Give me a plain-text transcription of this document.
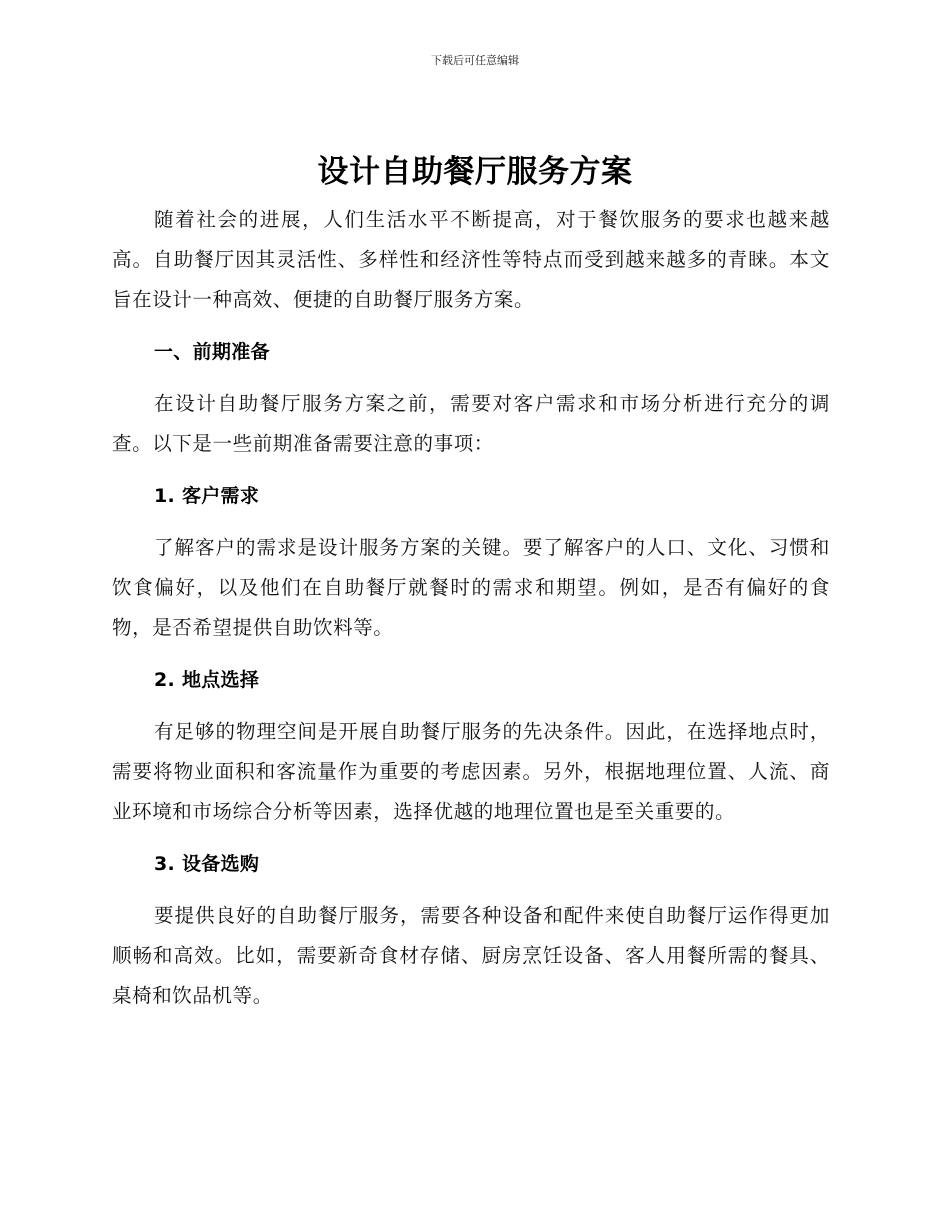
下载后可任意编辑
设计自助餐厅服务方案

随着社会的进展，人们生活水平不断提高，对于餐饮服务的要求也越来越高。自助餐厅因其灵活性、多样性和经济性等特点而受到越来越多的青睐。本文旨在设计一种高效、便捷的自助餐厅服务方案。

一、前期准备

在设计自助餐厅服务方案之前，需要对客户需求和市场分析进行充分的调查。以下是一些前期准备需要注意的事项：

1. 客户需求

了解客户的需求是设计服务方案的关键。要了解客户的人口、文化、习惯和饮食偏好，以及他们在自助餐厅就餐时的需求和期望。例如，是否有偏好的食物，是否希望提供自助饮料等。

2. 地点选择

有足够的物理空间是开展自助餐厅服务的先决条件。因此，在选择地点时，需要将物业面积和客流量作为重要的考虑因素。另外，根据地理位置、人流、商业环境和市场综合分析等因素，选择优越的地理位置也是至关重要的。

3. 设备选购

要提供良好的自助餐厅服务，需要各种设备和配件来使自助餐厅运作得更加顺畅和高效。比如，需要新奇食材存储、厨房烹饪设备、客人用餐所需的餐具、桌椅和饮品机等。
